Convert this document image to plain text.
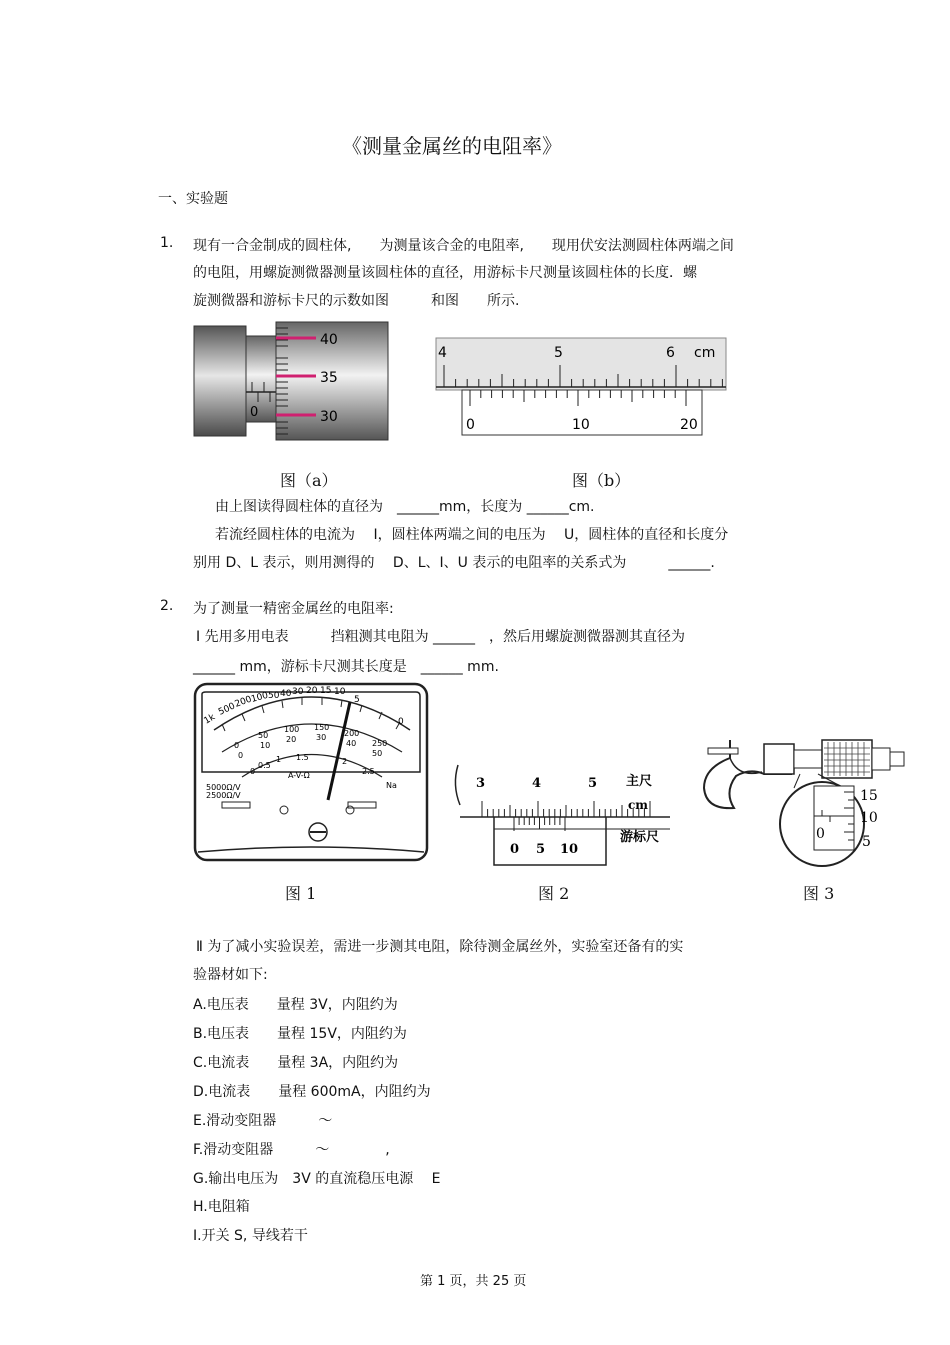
《测量金属丝的电阻率》
一、实验题
1. 现有一合金制成的圆柱体,　　为测量该合金的电阻率,　　现用伏安法测圆柱体两端之间
的电阻，用螺旋测微器测量该圆柱体的直径，用游标卡尺测量该圆柱体的长度．螺
旋测微器和游标卡尺的示数如图　　　和图　　所示.
40
35
30
0
图（a）
4	5	6 cm
0	10	20
图（b）
由上图读得圆柱体的直径为　______mm，长度为 ______cm.
若流经圆柱体的电流为　 I，圆柱体两端之间的电压为　 U，圆柱体的直径和长度分
别用 D、L 表示，则用测得的　 D、L、I、U 表示的电阻率的关系式为　　　______.
2. 为了测量一精密金属丝的电阻率:
Ⅰ 先用多用电表　　　挡粗测其电阻为 ______　，然后用螺旋测微器测其直径为
______ mm，游标卡尺测其长度是　______ mm.
1k
500
200
100
50 40 30 20 15 10
5
0
0
50
100 150
200
250
0
10
20 30
40
50
0
0.5
1 1.5	2
2.5
A-V-Ω
5000Ω/V
2500Ω/V
Na
图 1
3	4	5 主尺
cm
0 5 10
游标尺
图 2
15
10
5
0
图 3
Ⅱ 为了减小实验误差，需进一步测其电阻，除待测金属丝外，实验室还备有的实
验器材如下:
A.电压表　　量程 3V，内阻约为
B.电压表　　量程 15V，内阻约为
C.电流表　　量程 3A，内阻约为
D.电流表　　量程 600mA，内阻约为
E.滑动变阻器　　　～
F.滑动变阻器　　　～　　　　,
G.输出电压为　3V 的直流稳压电源　 E
H.电阻箱
I.开关 S, 导线若干
第 1 页，共 25 页
